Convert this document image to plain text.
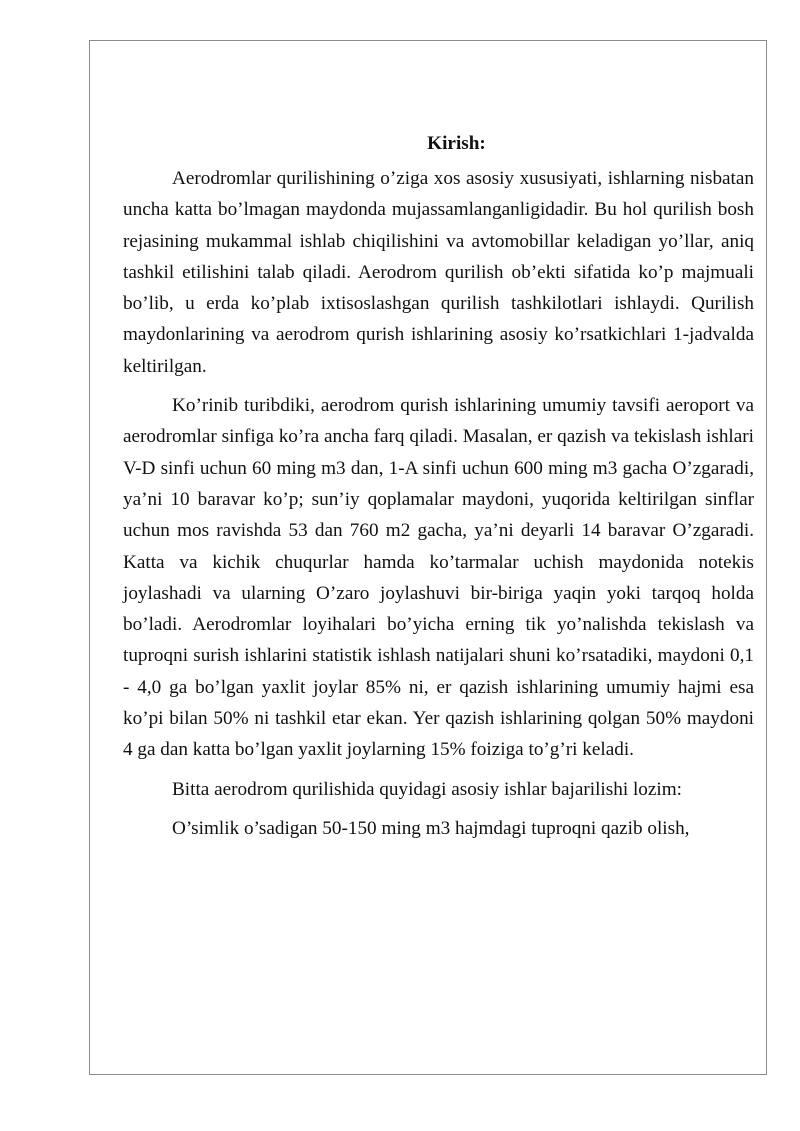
Kirish:

Aerodromlar qurilishining o’ziga xos asosiy xususiyati, ishlarning nisbatan uncha katta bo’lmagan maydonda mujassamlanganligidadir. Bu hol qurilish bosh rejasining mukammal ishlab chiqilishini va avtomobillar keladigan yo’llar, aniq tashkil etilishini talab qiladi. Aerodrom qurilish ob’ekti sifatida ko’p majmuali bo’lib, u erda ko’plab ixtisoslashgan qurilish tashkilotlari ishlaydi. Qurilish maydonlarining va aerodrom qurish ishlarining asosiy ko’rsatkichlari 1-jadvalda keltirilgan.

Ko’rinib turibdiki, aerodrom qurish ishlarining umumiy tavsifi aeroport va aerodromlar sinfiga ko’ra ancha farq qiladi. Masalan, er qazish va tekislash ishlari V-D sinfi uchun 60 ming m3 dan, 1-A sinfi uchun 600 ming m3 gacha O’zgaradi, ya’ni 10 baravar ko’p; sun’iy qoplamalar maydoni, yuqorida keltirilgan sinflar uchun mos ravishda 53 dan 760 m2 gacha, ya’ni deyarli 14 baravar O’zgaradi. Katta va kichik chuqurlar hamda ko’tarmalar uchish maydonida notekis joylashadi va ularning O’zaro joylashuvi bir-biriga yaqin yoki tarqoq holda bo’ladi. Aerodromlar loyihalari bo’yicha erning tik yo’nalishda tekislash va tuproqni surish ishlarini statistik ishlash natijalari shuni ko’rsatadiki, maydoni 0,1 - 4,0 ga bo’lgan yaxlit joylar 85% ni, er qazish ishlarining umumiy hajmi esa ko’pi bilan 50% ni tashkil etar ekan. Yer qazish ishlarining qolgan 50% maydoni 4 ga dan katta bo’lgan yaxlit joylarning 15% foiziga to’g’ri keladi.

Bitta aerodrom qurilishida quyidagi asosiy ishlar bajarilishi lozim:

O’simlik o’sadigan 50-150 ming m3 hajmdagi tuproqni qazib olish,
